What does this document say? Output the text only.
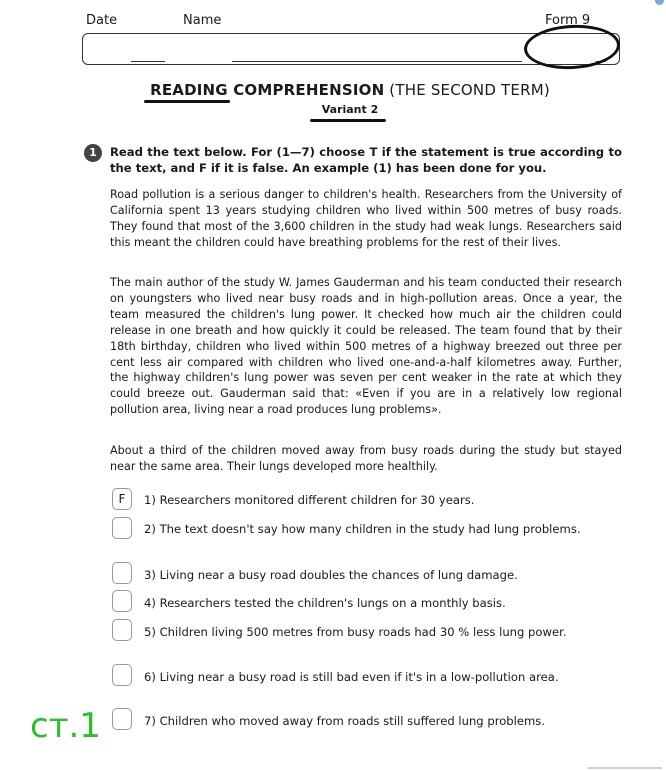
Date	Name	Form 9
READING COMPREHENSION (THE SECOND TERM)
Variant 2
1	Read the text below. For (1—7) choose T if the statement is true according to the text, and F if it is false. An example (1) has been done for you.
Road pollution is a serious danger to children's health. Researchers from the University of California spent 13 years studying children who lived within 500 metres of busy roads. They found that most of the 3,600 children in the study had weak lungs. Researchers said this meant the children could have breathing problems for the rest of their lives.
The main author of the study W. James Gauderman and his team conducted their research on youngsters who lived near busy roads and in high-pollution areas. Once a year, the team measured the children's lung power. It checked how much air the children could release in one breath and how quickly it could be released. The team found that by their 18th birthday, children who lived within 500 metres of a highway breezed out three per cent less air compared with children who lived one-and-a-half kilometres away. Further, the highway children's lung power was seven per cent weaker in the rate at which they could breeze out. Gauderman said that: «Even if you are in a relatively low regional pollution area, living near a road produces lung problems».
About a third of the children moved away from busy roads during the study but stayed near the same area. Their lungs developed more healthily.
F	1) Researchers monitored different children for 30 years.
2) The text doesn't say how many children in the study had lung problems.
3) Living near a busy road doubles the chances of lung damage.
4) Researchers tested the children's lungs on a monthly basis.
5) Children living 500 metres from busy roads had 30 % less lung power.
6) Living near a busy road is still bad even if it's in a low-pollution area.
7) Children who moved away from roads still suffered lung problems.
ст.1
